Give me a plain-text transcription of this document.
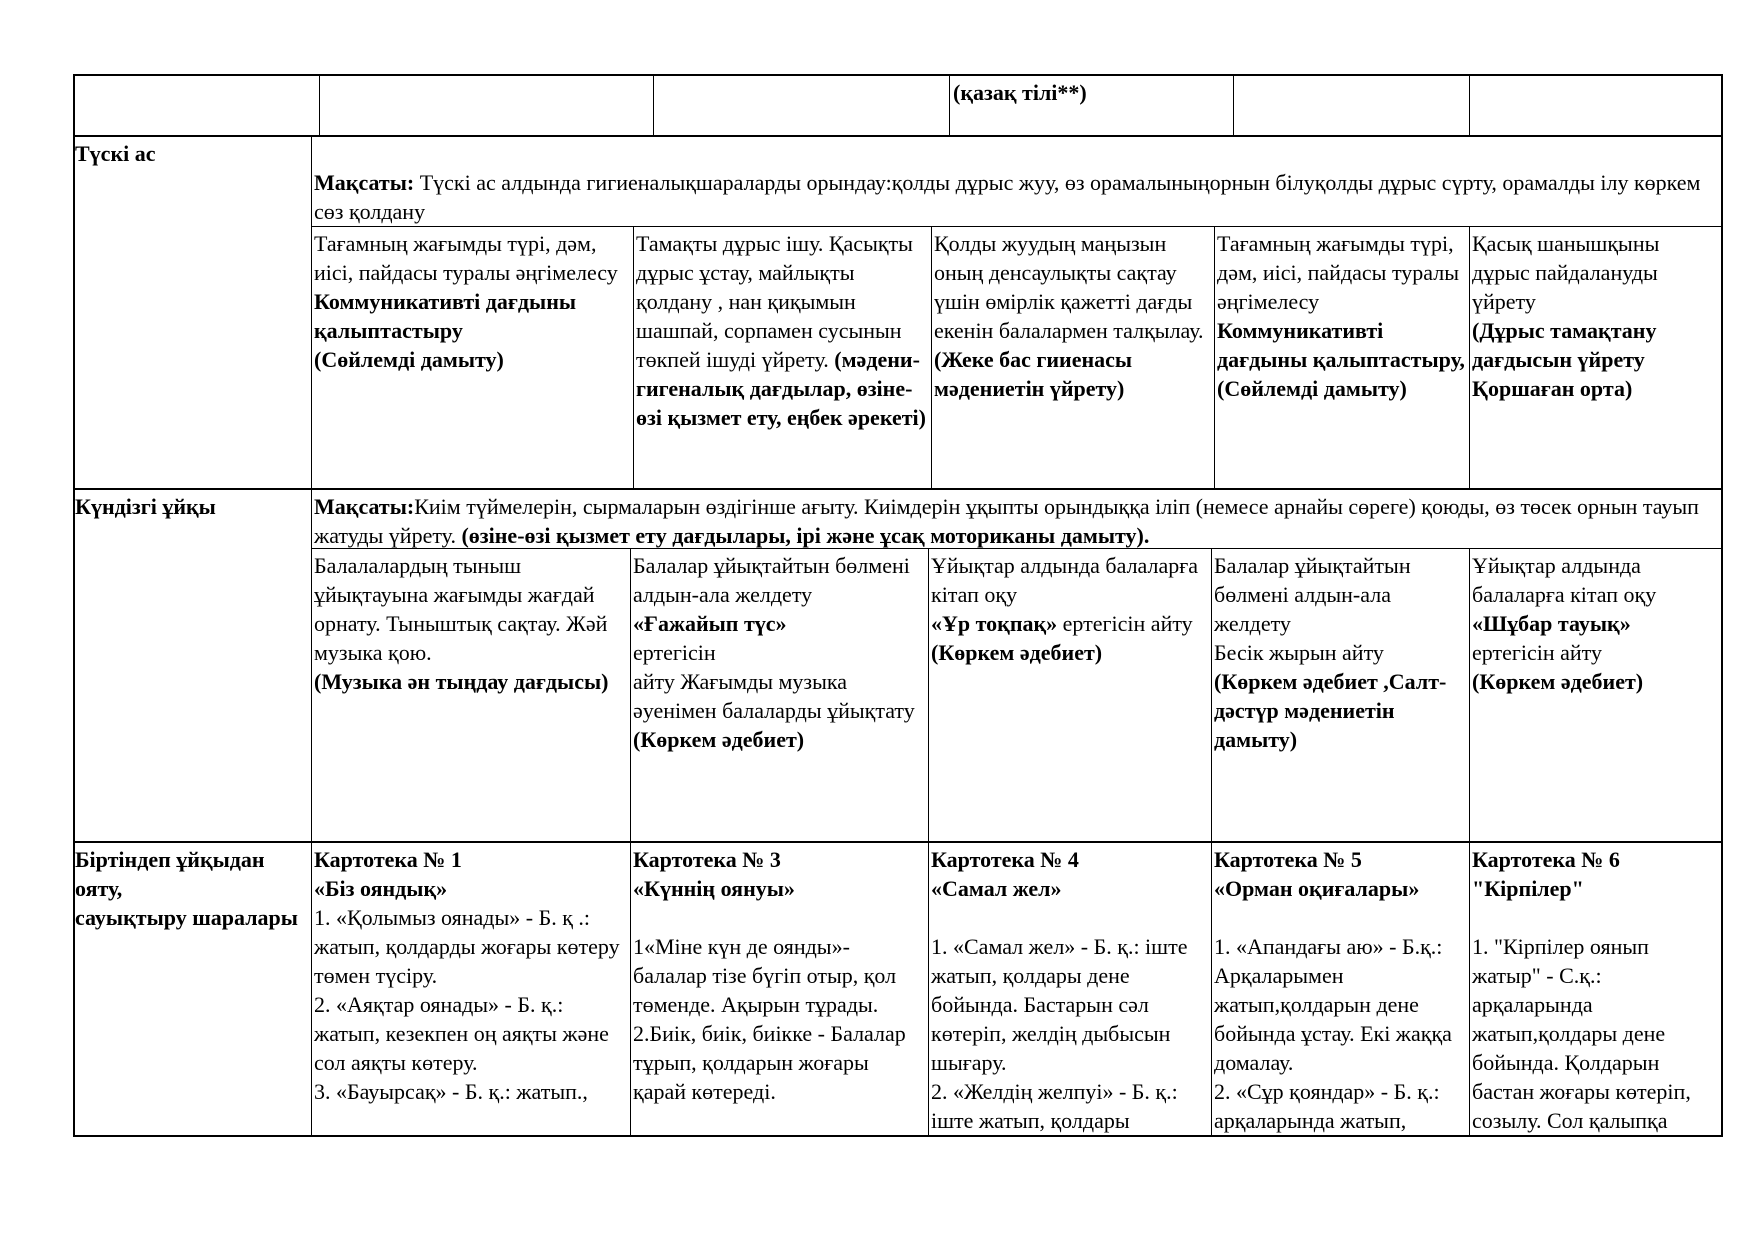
(қазақ тілі**)
Түскі ас

Мақсаты: Түскі ас алдында гигиеналықшараларды орындау:қолды дұрыс жуу, өз орамалыныңорнын білуқолды дұрыс сүрту, орамалды ілу көркем сөз қолдану

Тағамның жағымды түрі, дәм, иісі, пайдасы туралы әңгімелесу
Коммуникативті дағдыны қалыптастыру
(Сөйлемді дамыту)
Тамақты дұрыс ішу. Қасықты дұрыс ұстау, майлықты қолдану , нан қиқымын шашпай, сорпамен сусынын төкпей ішуді үйрету. (мәдени-гигеналық дағдылар, өзіне-өзі қызмет ету, еңбек әрекеті)
Қолды жуудың маңызын оның денсаулықты сақтау үшін өмірлік қажетті дағды екенін балалармен талқылау.
(Жеке бас гииенасы мәдениетін үйрету)
Тағамның жағымды түрі, дәм, иісі, пайдасы туралы әңгімелесу
Коммуникативті дағдыны қалыптастыру,
(Сөйлемді дамыту)
Қасық шанышқыны дұрыс пайдалануды үйрету
(Дұрыс тамақтану дағдысын үйрету
Қоршаған орта)
Күндізгі ұйқы	Мақсаты:Киім түймелерін, сырмаларын өздігінше ағыту. Киімдерін ұқыпты орындыққа іліп (немесе арнайы сөреге) қоюды, өз төсек орнын тауып жатуды үйрету. (өзіне-өзі қызмет ету дағдылары, ірі және ұсақ моториканы дамыту).
Балалалардың тыныш ұйықтауына жағымды жағдай орнату. Тыныштық сақтау. Жәй музыка қою.
(Музыка ән тыңдау дағдысы)
Балалар ұйықтайтын бөлмені алдын-ала желдету
«Ғажайып түс»
ертегісін
айту Жағымды музыка әуенімен балаларды ұйықтату
(Көркем әдебиет)
Ұйықтар алдында балаларға кітап оқу
«Ұр тоқпақ» ертегісін айту
(Көркем әдебиет)
Балалар ұйықтайтын бөлмені алдын-ала желдету
Бесік жырын айту
(Көркем әдебиет ,Салт-дәстүр мәдениетін дамыту)
Ұйықтар алдында балаларға кітап оқу
«Шұбар тауық»
ертегісін айту
(Көркем әдебиет)
Біртіндеп ұйқыдан ояту,
сауықтыру шаралары
Картотека № 1
«Біз ояндық»
1. «Қолымыз оянады» - Б. қ .: жатып, қолдарды жоғары көтеру төмен түсіру.
2. «Аяқтар оянады» - Б. қ.: жатып, кезекпен оң аяқты және сол аяқты көтеру.
3. «Бауырсақ» - Б. қ.: жатып.,
Картотека № 3
«Күннің оянуы»

1«Міне күн де оянды»- балалар тізе бүгіп отыр, қол төменде. Ақырын тұрады.
2.Биік, биік, биікке - Балалар тұрып, қолдарын жоғары қарай көтереді.
Картотека № 4
«Самал жел»

1. «Самал жел» - Б. қ.: іште жатып, қолдары дене бойында. Бастарын сәл көтеріп, желдің дыбысын шығару.
2. «Желдің желпуі» - Б. қ.: іште жатып, қолдары
Картотека № 5
«Орман оқиғалары»

1. «Апандағы аю» - Б.қ.: Арқаларымен жатып,қолдарын дене бойында ұстау. Екі жаққа домалау.
2. «Сұр қояндар» - Б. қ.: арқаларында жатып,
Картотека № 6
"Кірпілер"

1. "Кірпілер оянып жатыр" - С.қ.: арқаларында жатып,қолдары дене бойында. Қолдарын бастан жоғары көтеріп, созылу. Сол қалыпқа
